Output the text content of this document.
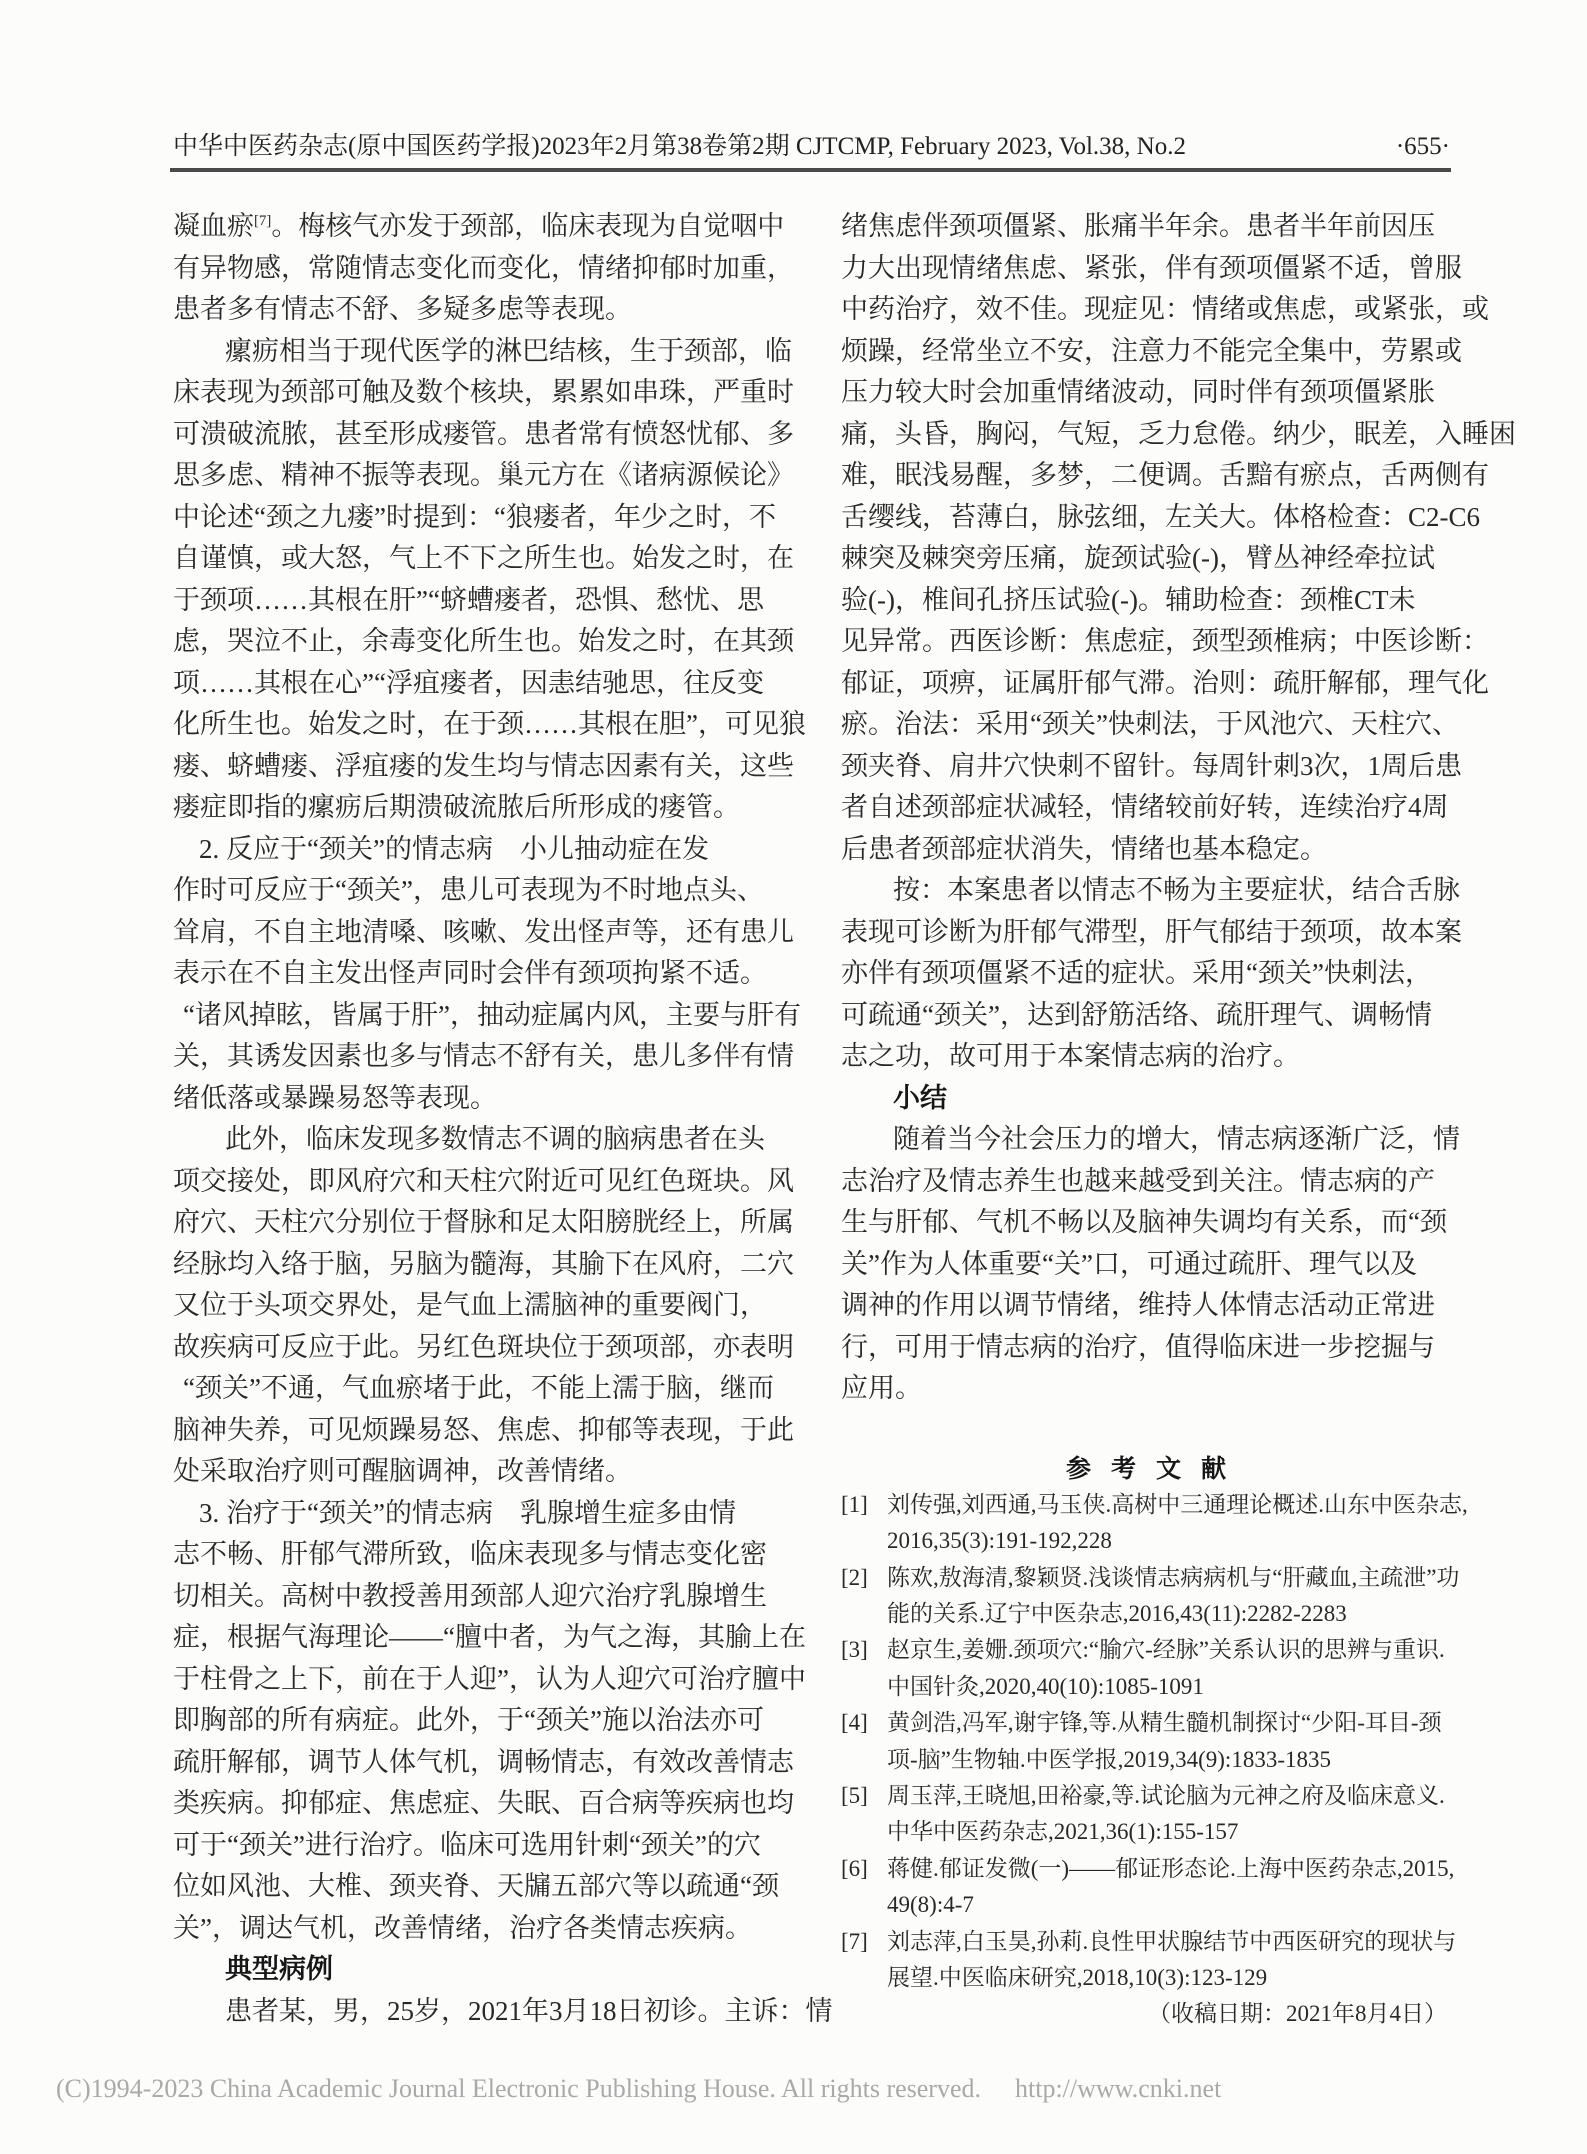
中华中医药杂志(原中国医药学报)2023年2月第38卷第2期 CJTCMP, February 2023, Vol.38, No.2	·655·
凝血瘀[7]。梅核气亦发于颈部，临床表现为自觉咽中
有异物感，常随情志变化而变化，情绪抑郁时加重，
患者多有情志不舒、多疑多虑等表现。
瘰疬相当于现代医学的淋巴结核，生于颈部，临
床表现为颈部可触及数个核块，累累如串珠，严重时
可溃破流脓，甚至形成瘘管。患者常有愤怒忧郁、多
思多虑、精神不振等表现。巢元方在《诸病源候论》
中论述“颈之九瘘”时提到：“狼瘘者，年少之时，不
自谨慎，或大怒，气上不下之所生也。始发之时，在
于颈项……其根在肝”“蛴螬瘘者，恐惧、愁忧、思
虑，哭泣不止，余毒变化所生也。始发之时，在其颈
项……其根在心”“浮疽瘘者，因恚结驰思，往反变
化所生也。始发之时，在于颈……其根在胆”，可见狼
瘘、蛴螬瘘、浮疽瘘的发生均与情志因素有关，这些
瘘症即指的瘰疬后期溃破流脓后所形成的瘘管。
2. 反应于“颈关”的情志病　小儿抽动症在发
作时可反应于“颈关”，患儿可表现为不时地点头、
耸肩，不自主地清嗓、咳嗽、发出怪声等，还有患儿
表示在不自主发出怪声同时会伴有颈项拘紧不适。
“诸风掉眩，皆属于肝”，抽动症属内风，主要与肝有
关，其诱发因素也多与情志不舒有关，患儿多伴有情
绪低落或暴躁易怒等表现。
此外，临床发现多数情志不调的脑病患者在头
项交接处，即风府穴和天柱穴附近可见红色斑块。风
府穴、天柱穴分别位于督脉和足太阳膀胱经上，所属
经脉均入络于脑，另脑为髓海，其腧下在风府，二穴
又位于头项交界处，是气血上濡脑神的重要阀门，
故疾病可反应于此。另红色斑块位于颈项部，亦表明
“颈关”不通，气血瘀堵于此，不能上濡于脑，继而
脑神失养，可见烦躁易怒、焦虑、抑郁等表现，于此
处采取治疗则可醒脑调神，改善情绪。
3. 治疗于“颈关”的情志病　乳腺增生症多由情
志不畅、肝郁气滞所致，临床表现多与情志变化密
切相关。高树中教授善用颈部人迎穴治疗乳腺增生
症，根据气海理论——“膻中者，为气之海，其腧上在
于柱骨之上下，前在于人迎”，认为人迎穴可治疗膻中
即胸部的所有病症。此外，于“颈关”施以治法亦可
疏肝解郁，调节人体气机，调畅情志，有效改善情志
类疾病。抑郁症、焦虑症、失眠、百合病等疾病也均
可于“颈关”进行治疗。临床可选用针刺“颈关”的穴
位如风池、大椎、颈夹脊、天牖五部穴等以疏通“颈
关”，调达气机，改善情绪，治疗各类情志疾病。
典型病例
患者某，男，25岁，2021年3月18日初诊。主诉：情
绪焦虑伴颈项僵紧、胀痛半年余。患者半年前因压
力大出现情绪焦虑、紧张，伴有颈项僵紧不适，曾服
中药治疗，效不佳。现症见：情绪或焦虑，或紧张，或
烦躁，经常坐立不安，注意力不能完全集中，劳累或
压力较大时会加重情绪波动，同时伴有颈项僵紧胀
痛，头昏，胸闷，气短，乏力怠倦。纳少，眠差，入睡困
难，眠浅易醒，多梦，二便调。舌黯有瘀点，舌两侧有
舌缨线，苔薄白，脉弦细，左关大。体格检查：C2-C6
棘突及棘突旁压痛，旋颈试验(-)，臂丛神经牵拉试
验(-)，椎间孔挤压试验(-)。辅助检查：颈椎CT未
见异常。西医诊断：焦虑症，颈型颈椎病；中医诊断：
郁证，项痹，证属肝郁气滞。治则：疏肝解郁，理气化
瘀。治法：采用“颈关”快刺法，于风池穴、天柱穴、
颈夹脊、肩井穴快刺不留针。每周针刺3次，1周后患
者自述颈部症状减轻，情绪较前好转，连续治疗4周
后患者颈部症状消失，情绪也基本稳定。
按：本案患者以情志不畅为主要症状，结合舌脉
表现可诊断为肝郁气滞型，肝气郁结于颈项，故本案
亦伴有颈项僵紧不适的症状。采用“颈关”快刺法，
可疏通“颈关”，达到舒筋活络、疏肝理气、调畅情
志之功，故可用于本案情志病的治疗。
小结
随着当今社会压力的增大，情志病逐渐广泛，情
志治疗及情志养生也越来越受到关注。情志病的产
生与肝郁、气机不畅以及脑神失调均有关系，而“颈
关”作为人体重要“关”口，可通过疏肝、理气以及
调神的作用以调节情绪，维持人体情志活动正常进
行，可用于情志病的治疗，值得临床进一步挖掘与
应用。
参考文献
[1] 刘传强,刘西通,马玉侠.高树中三通理论概述.山东中医杂志,
2016,35(3):191-192,228
[2] 陈欢,敖海清,黎颖贤.浅谈情志病病机与“肝藏血,主疏泄”功
能的关系.辽宁中医杂志,2016,43(11):2282-2283
[3] 赵京生,姜姗.颈项穴:“腧穴-经脉”关系认识的思辨与重识.
中国针灸,2020,40(10):1085-1091
[4] 黄剑浩,冯军,谢宇锋,等.从精生髓机制探讨“少阳-耳目-颈
项-脑”生物轴.中医学报,2019,34(9):1833-1835
[5] 周玉萍,王晓旭,田裕豪,等.试论脑为元神之府及临床意义.
中华中医药杂志,2021,36(1):155-157
[6] 蒋健.郁证发微(一)——郁证形态论.上海中医药杂志,2015,
49(8):4-7
[7] 刘志萍,白玉昊,孙莉.良性甲状腺结节中西医研究的现状与
展望.中医临床研究,2018,10(3):123-129
（收稿日期：2021年8月4日）
(C)1994-2023 China Academic Journal Electronic Publishing House. All rights reserved. http://www.cnki.net
